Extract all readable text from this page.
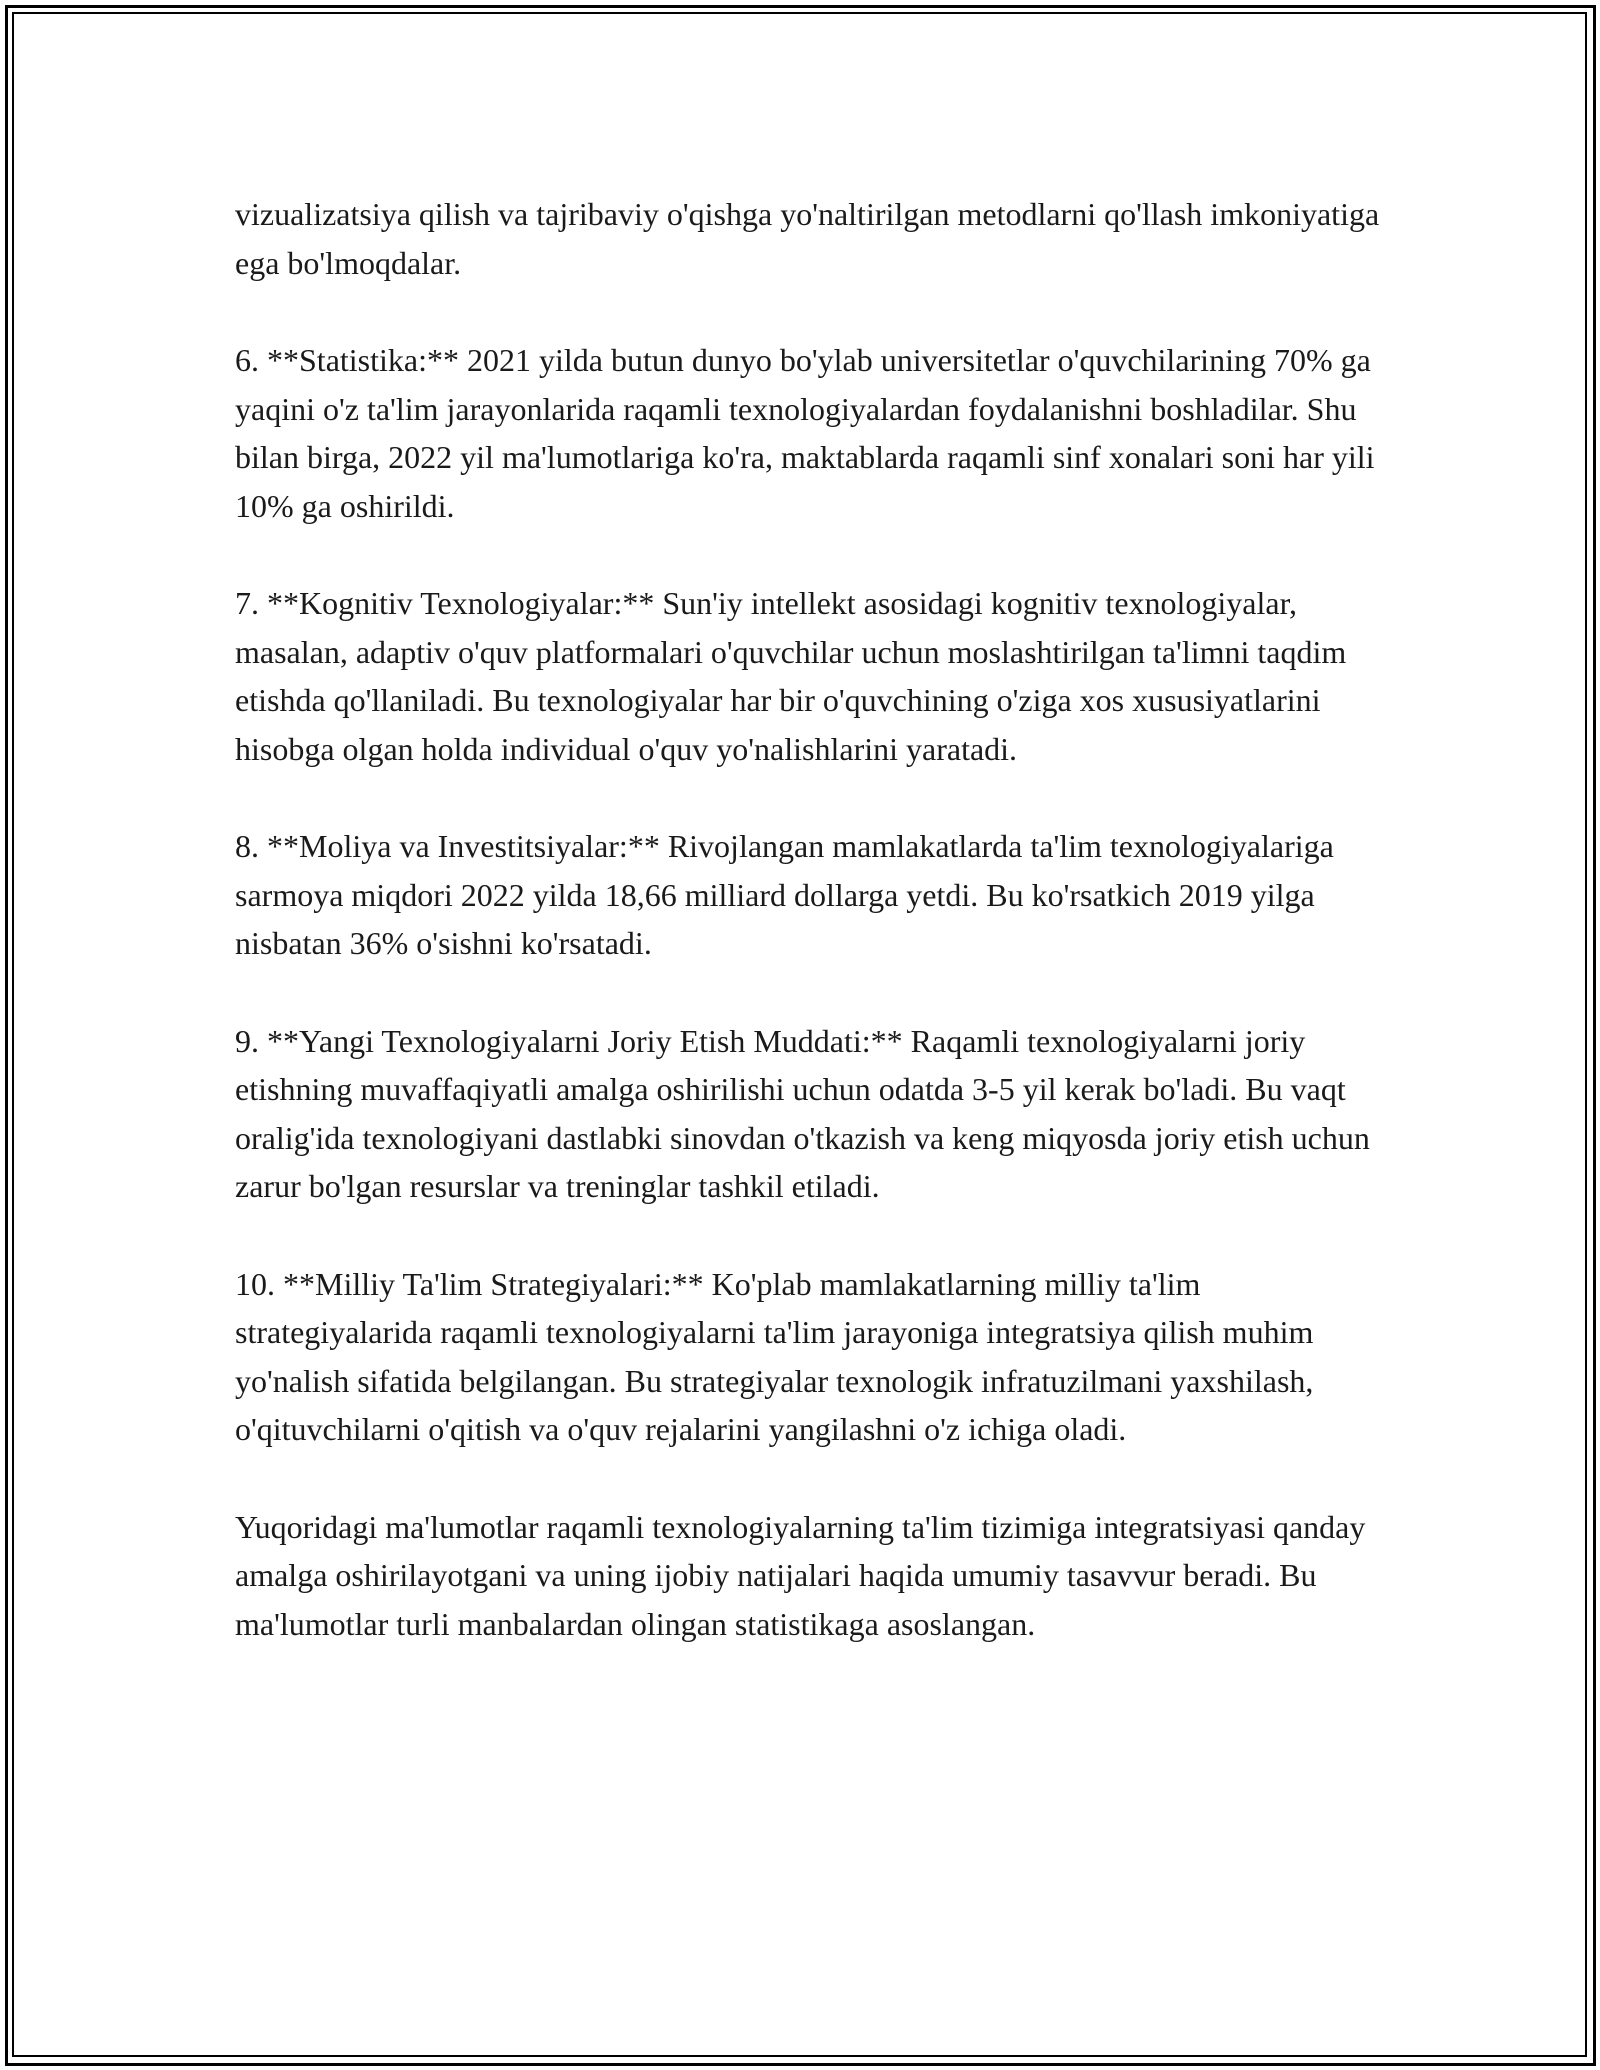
vizualizatsiya qilish va tajribaviy o'qishga yo'naltirilgan metodlarni qo'llash imkoniyatiga ega bo'lmoqdalar.

6. **Statistika:** 2021 yilda butun dunyo bo'ylab universitetlar o'quvchilarining 70% ga yaqini o'z ta'lim jarayonlarida raqamli texnologiyalardan foydalanishni boshladilar. Shu bilan birga, 2022 yil ma'lumotlariga ko'ra, maktablarda raqamli sinf xonalari soni har yili 10% ga oshirildi.

7. **Kognitiv Texnologiyalar:** Sun'iy intellekt asosidagi kognitiv texnologiyalar, masalan, adaptiv o'quv platformalari o'quvchilar uchun moslashtirilgan ta'limni taqdim etishda qo'llaniladi. Bu texnologiyalar har bir o'quvchining o'ziga xos xususiyatlarini hisobga olgan holda individual o'quv yo'nalishlarini yaratadi.

8. **Moliya va Investitsiyalar:** Rivojlangan mamlakatlarda ta'lim texnologiyalariga sarmoya miqdori 2022 yilda 18,66 milliard dollarga yetdi. Bu ko'rsatkich 2019 yilga nisbatan 36% o'sishni ko'rsatadi.

9. **Yangi Texnologiyalarni Joriy Etish Muddati:** Raqamli texnologiyalarni joriy etishning muvaffaqiyatli amalga oshirilishi uchun odatda 3-5 yil kerak bo'ladi. Bu vaqt oralig'ida texnologiyani dastlabki sinovdan o'tkazish va keng miqyosda joriy etish uchun zarur bo'lgan resurslar va treninglar tashkil etiladi.

10. **Milliy Ta'lim Strategiyalari:** Ko'plab mamlakatlarning milliy ta'lim strategiyalarida raqamli texnologiyalarni ta'lim jarayoniga integratsiya qilish muhim yo'nalish sifatida belgilangan. Bu strategiyalar texnologik infratuzilmani yaxshilash, o'qituvchilarni o'qitish va o'quv rejalarini yangilashni o'z ichiga oladi.

Yuqoridagi ma'lumotlar raqamli texnologiyalarning ta'lim tizimiga integratsiyasi qanday amalga oshirilayotgani va uning ijobiy natijalari haqida umumiy tasavvur beradi. Bu ma'lumotlar turli manbalardan olingan statistikaga asoslangan.
